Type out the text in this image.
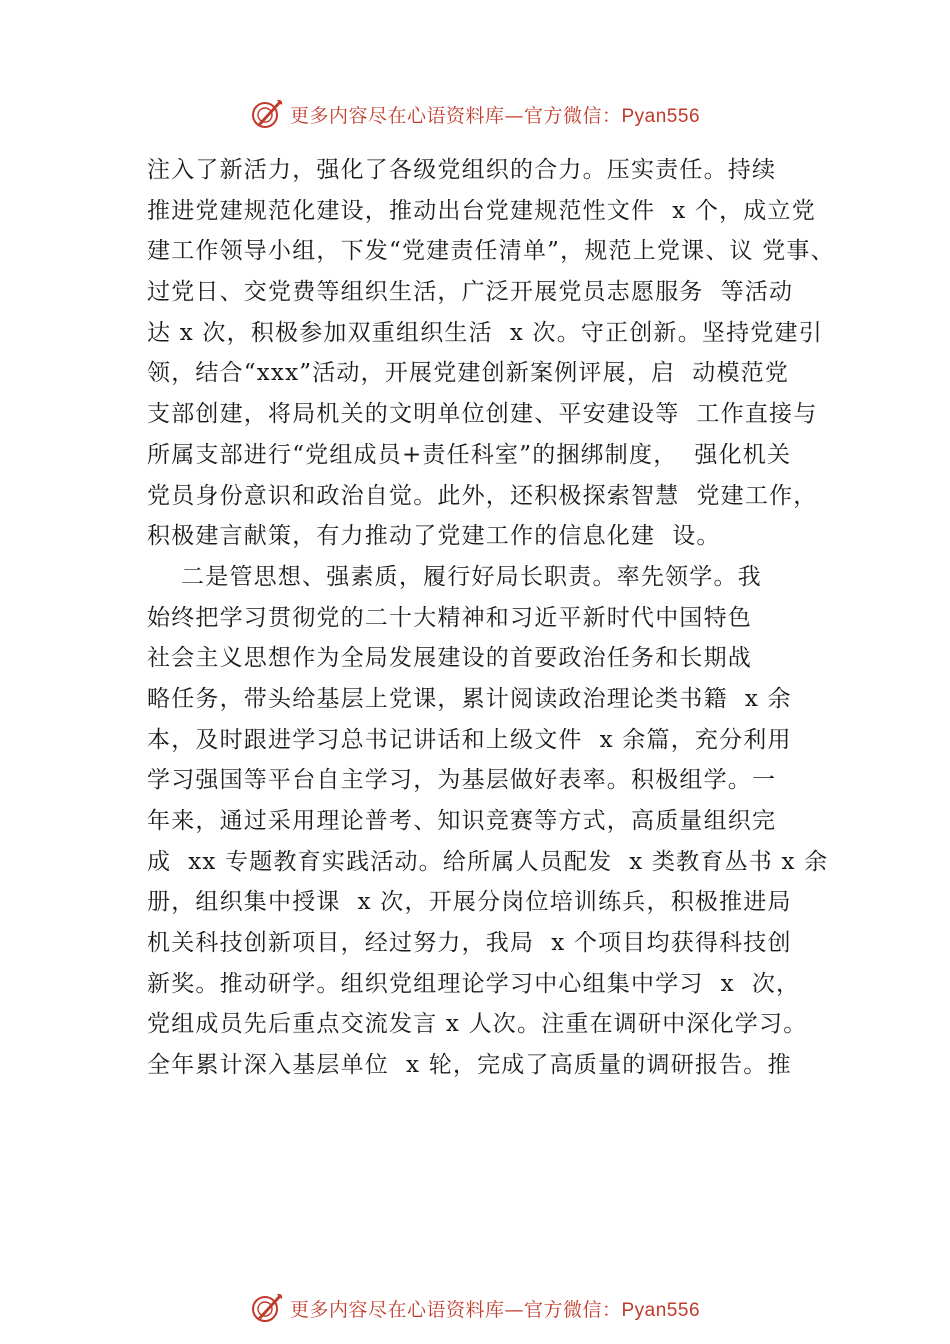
更多内容尽在心语资料库—官方微信：Pyan556
注入了新活力，强化了各级党组织的合力。压实责任。持续
推进党建规范化建设，推动出台党建规范性文件  x 个，成立党
建工作领导小组，下发“党建责任清单”，规范上党课、议 党事、
过党日、交党费等组织生活，广泛开展党员志愿服务  等活动
达 x 次，积极参加双重组织生活  x 次。守正创新。坚持党建引
领，结合“xxx”活动，开展党建创新案例评展，启  动模范党
支部创建，将局机关的文明单位创建、平安建设等  工作直接与
所属支部进行“党组成员+责任科室”的捆绑制度，  强化机关
党员身份意识和政治自觉。此外，还积极探索智慧  党建工作，
积极建言献策，有力推动了党建工作的信息化建  设。
二是管思想、强素质，履行好局长职责。率先领学。我
始终把学习贯彻党的二十大精神和习近平新时代中国特色
社会主义思想作为全局发展建设的首要政治任务和长期战
略任务，带头给基层上党课，累计阅读政治理论类书籍  x 余
本，及时跟进学习总书记讲话和上级文件  x 余篇，充分利用
学习强国等平台自主学习，为基层做好表率。积极组学。一
年来，通过采用理论普考、知识竞赛等方式，高质量组织完
成  xx 专题教育实践活动。给所属人员配发  x 类教育丛书 x 余
册，组织集中授课  x 次，开展分岗位培训练兵，积极推进局
机关科技创新项目，经过努力，我局  x 个项目均获得科技创
新奖。推动研学。组织党组理论学习中心组集中学习  x  次，
党组成员先后重点交流发言 x 人次。注重在调研中深化学习。
全年累计深入基层单位  x 轮，完成了高质量的调研报告。推
更多内容尽在心语资料库—官方微信：Pyan556
